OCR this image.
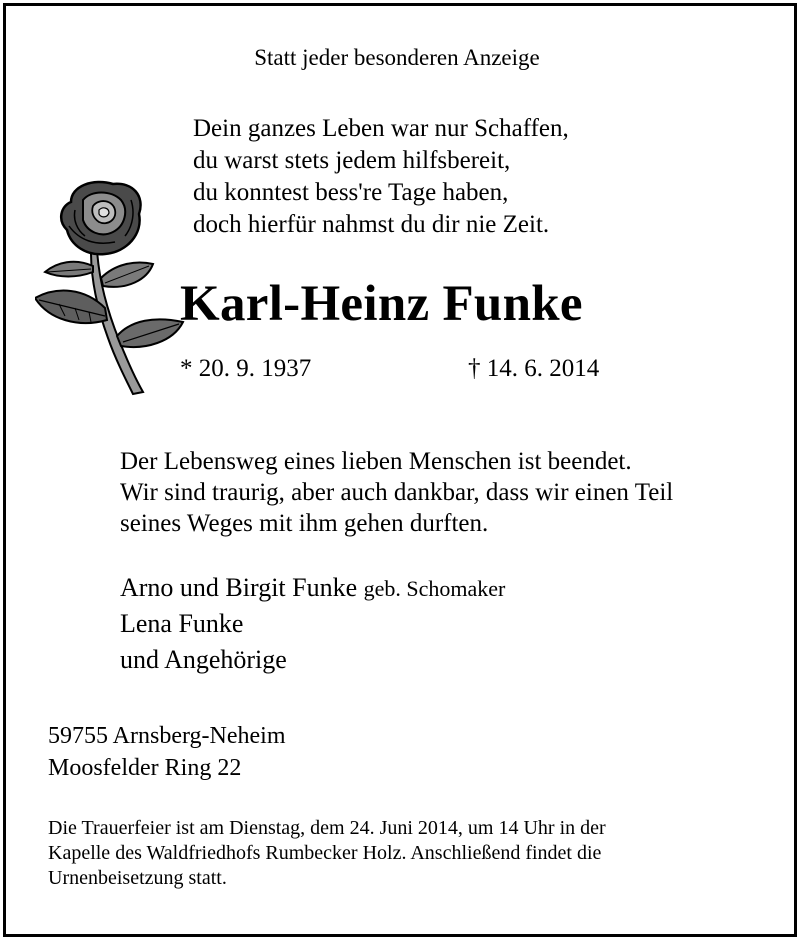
Statt jeder besonderen Anzeige
Dein ganzes Leben war nur Schaffen,
du warst stets jedem hilfsbereit,
du konntest bess're Tage haben,
doch hierfür nahmst du dir nie Zeit.
Karl-Heinz Funke
* 20. 9. 1937	† 14. 6. 2014
Der Lebensweg eines lieben Menschen ist beendet.
Wir sind traurig, aber auch dankbar, dass wir einen Teil
seines Weges mit ihm gehen durften.
Arno und Birgit Funke geb. Schomaker
Lena Funke
und Angehörige
59755 Arnsberg-Neheim
Moosfelder Ring 22
Die Trauerfeier ist am Dienstag, dem 24. Juni 2014, um 14 Uhr in der
Kapelle des Waldfriedhofs Rumbecker Holz. Anschließend findet die
Urnenbeisetzung statt.
